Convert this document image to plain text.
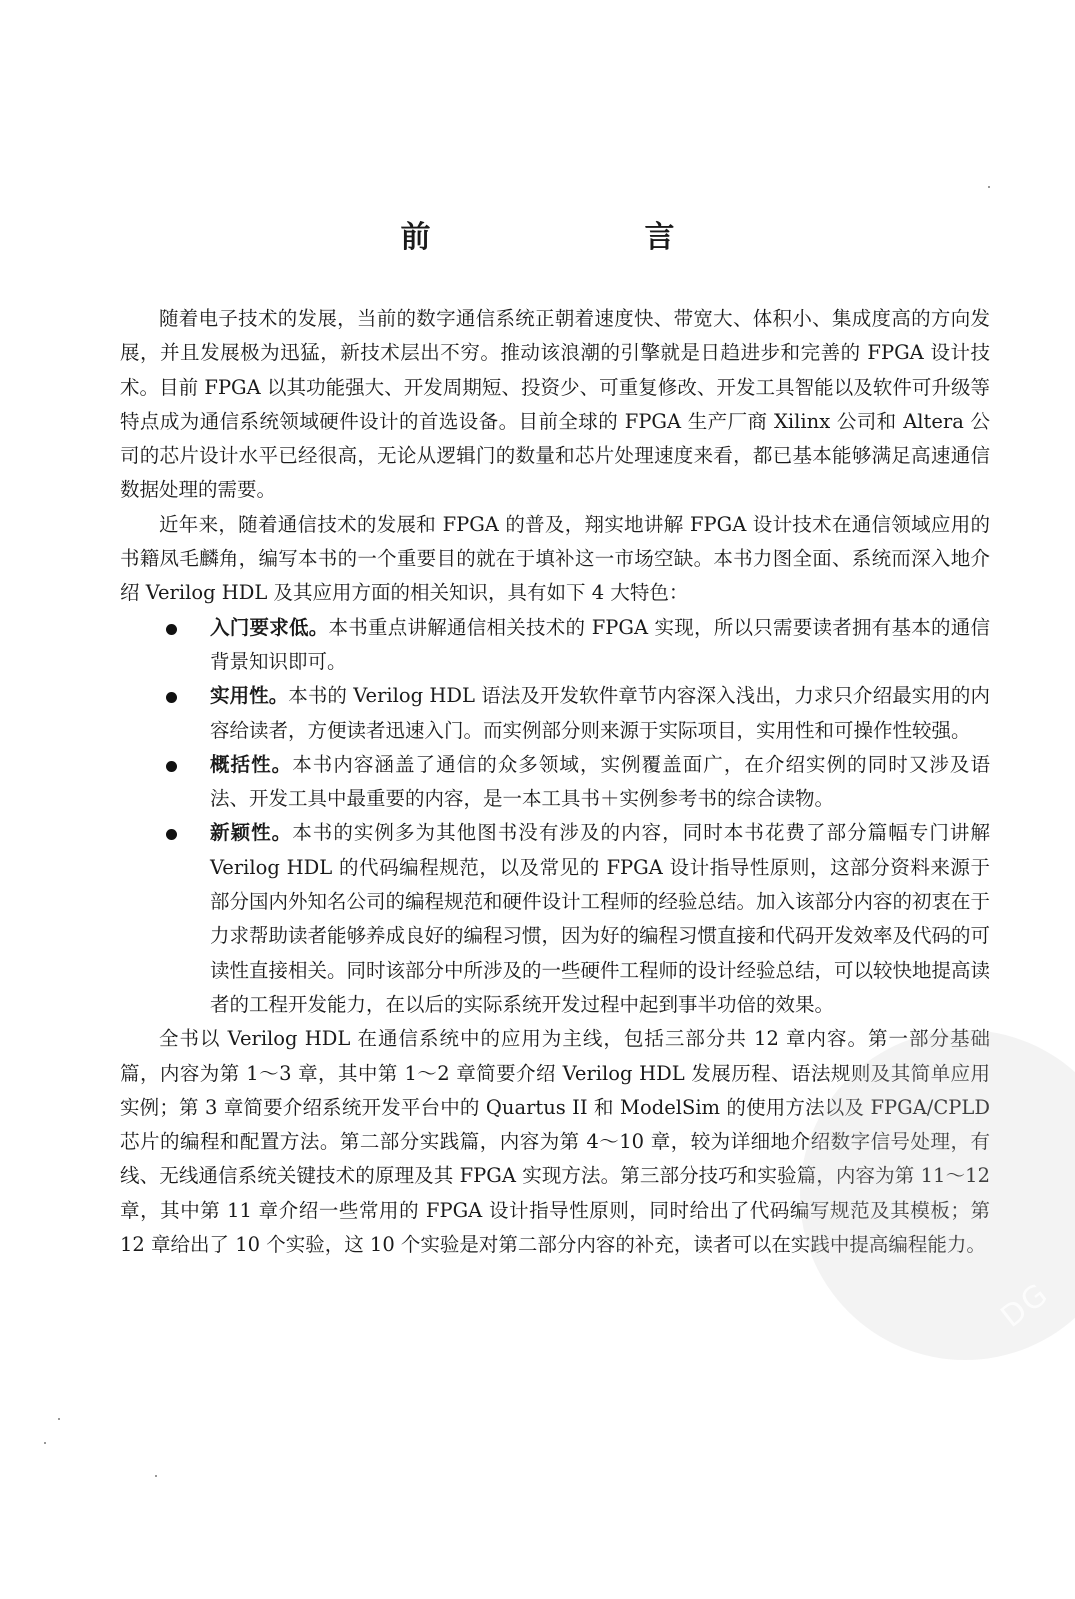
前　言

随着电子技术的发展，当前的数字通信系统正朝着速度快、带宽大、体积小、集成度高的方向发展，并且发展极为迅猛，新技术层出不穷。推动该浪潮的引擎就是日趋进步和完善的 FPGA 设计技术。目前 FPGA 以其功能强大、开发周期短、投资少、可重复修改、开发工具智能以及软件可升级等特点成为通信系统领域硬件设计的首选设备。目前全球的 FPGA 生产厂商 Xilinx 公司和 Altera 公司的芯片设计水平已经很高，无论从逻辑门的数量和芯片处理速度来看，都已基本能够满足高速通信数据处理的需要。

近年来，随着通信技术的发展和 FPGA 的普及，翔实地讲解 FPGA 设计技术在通信领域应用的书籍凤毛麟角，编写本书的一个重要目的就在于填补这一市场空缺。本书力图全面、系统而深入地介绍 Verilog HDL 及其应用方面的相关知识，具有如下 4 大特色：

入门要求低。本书重点讲解通信相关技术的 FPGA 实现，所以只需要读者拥有基本的通信背景知识即可。
实用性。本书的 Verilog HDL 语法及开发软件章节内容深入浅出，力求只介绍最实用的内容给读者，方便读者迅速入门。而实例部分则来源于实际项目，实用性和可操作性较强。
概括性。本书内容涵盖了通信的众多领域，实例覆盖面广，在介绍实例的同时又涉及语法、开发工具中最重要的内容，是一本工具书＋实例参考书的综合读物。
新颖性。本书的实例多为其他图书没有涉及的内容，同时本书花费了部分篇幅专门讲解 Verilog HDL 的代码编程规范，以及常见的 FPGA 设计指导性原则，这部分资料来源于部分国内外知名公司的编程规范和硬件设计工程师的经验总结。加入该部分内容的初衷在于力求帮助读者能够养成良好的编程习惯，因为好的编程习惯直接和代码开发效率及代码的可读性直接相关。同时该部分中所涉及的一些硬件工程师的设计经验总结，可以较快地提高读者的工程开发能力，在以后的实际系统开发过程中起到事半功倍的效果。

全书以 Verilog HDL 在通信系统中的应用为主线，包括三部分共 12 章内容。第一部分基础篇，内容为第 1～3 章，其中第 1～2 章简要介绍 Verilog HDL 发展历程、语法规则及其简单应用实例；第 3 章简要介绍系统开发平台中的 Quartus II 和 ModelSim 的使用方法以及 FPGA/CPLD 芯片的编程和配置方法。第二部分实践篇，内容为第 4～10 章，较为详细地介绍数字信号处理，有线、无线通信系统关键技术的原理及其 FPGA 实现方法。第三部分技巧和实验篇，内容为第 11～12 章，其中第 11 章介绍一些常用的 FPGA 设计指导性原则，同时给出了代码编写规范及其模板；第 12 章给出了 10 个实验，这 10 个实验是对第二部分内容的补充，读者可以在实践中提高编程能力。

DG
